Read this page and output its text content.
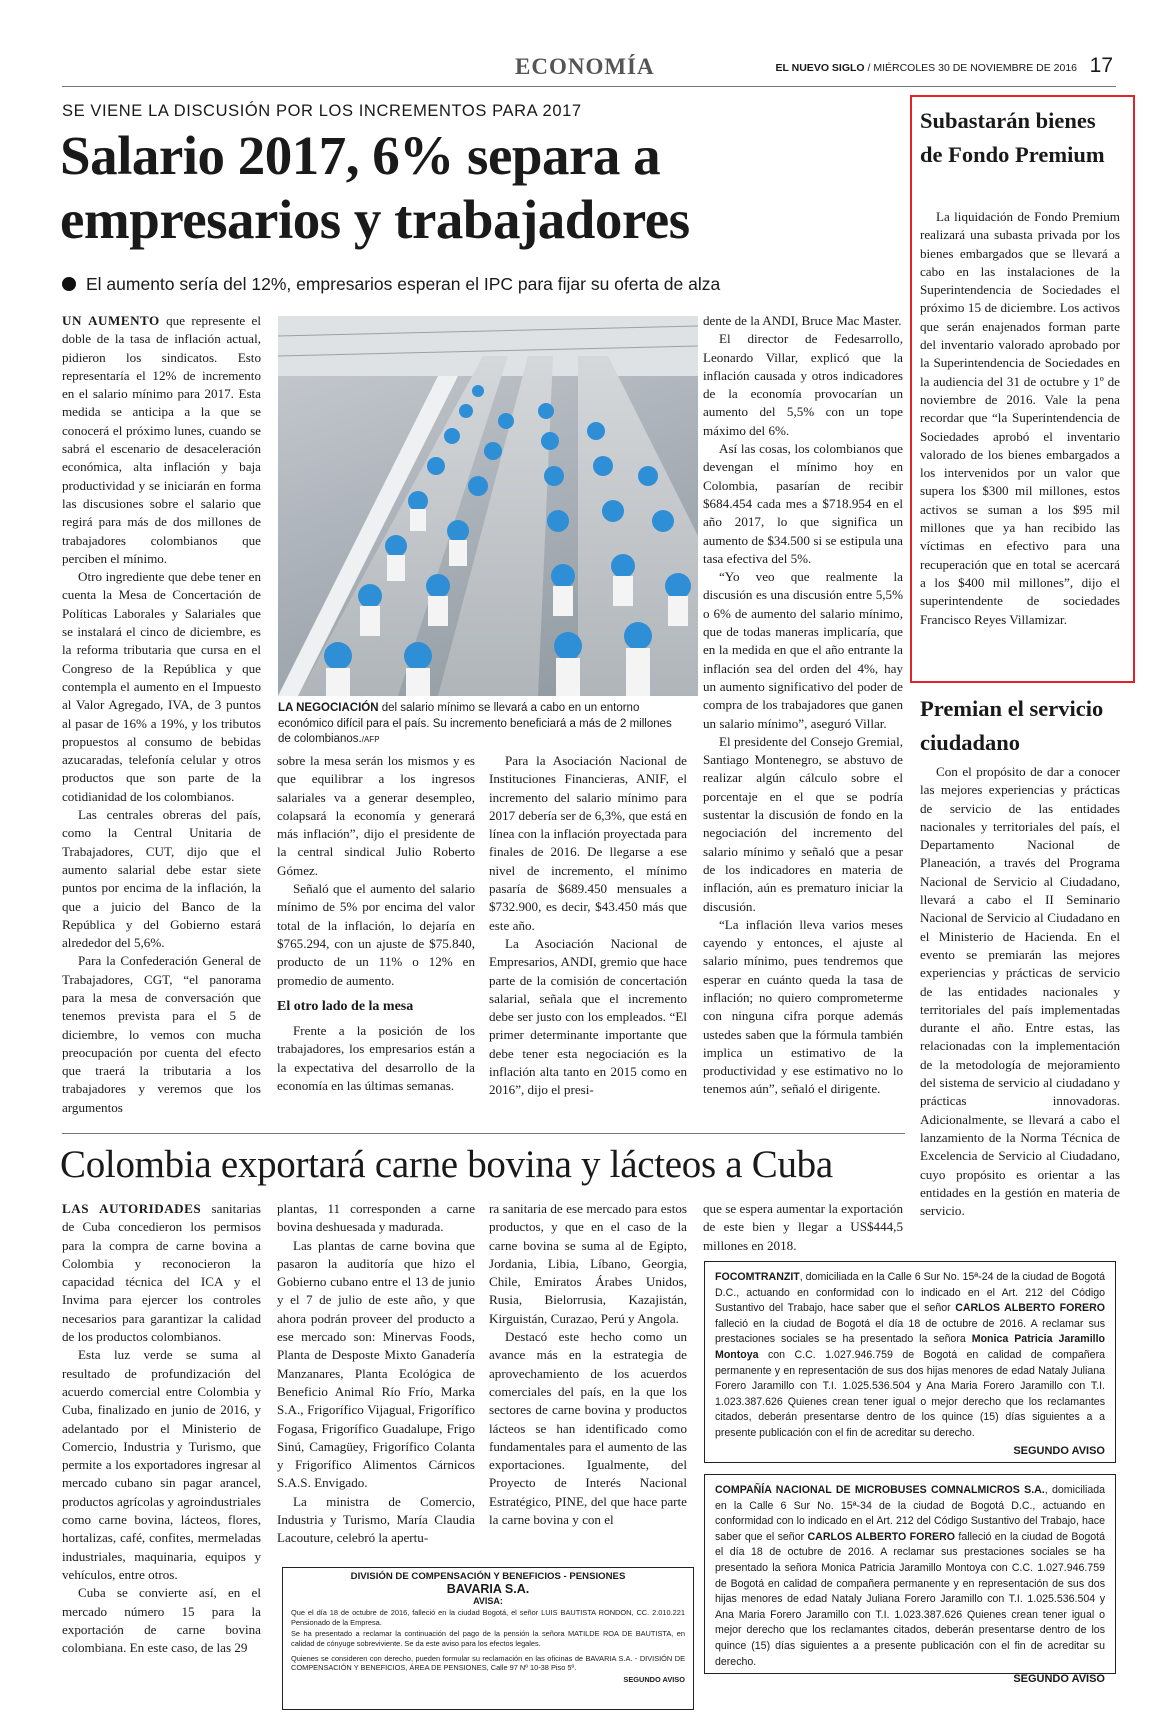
ECONOMÍA	EL NUEVO SIGLO / MIÉRCOLES 30 DE NOVIEMBRE DE 2016 17
SE VIENE LA DISCUSIÓN POR LOS INCREMENTOS PARA 2017
Salario 2017, 6% separa a
empresarios y trabajadores
El aumento sería del 12%, empresarios esperan el IPC para fijar su oferta de alza

UN AUMENTO que represente el doble de la tasa de inflación actual, pidieron los sindicatos. Esto representaría el 12% de incremento en el salario mínimo para 2017. Esta medida se anticipa a la que se conocerá el próximo lunes, cuando se sabrá el escenario de desaceleración económica, alta inflación y baja productividad y se iniciarán en forma las discusiones sobre el salario que regirá para más de dos millones de trabajadores colombianos que perciben el mínimo.

Otro ingrediente que debe tener en cuenta la Mesa de Concertación de Políticas Laborales y Salariales que se instalará el cinco de diciembre, es la reforma tributaria que cursa en el Congreso de la República y que contempla el aumento en el Impuesto al Valor Agregado, IVA, de 3 puntos al pasar de 16% a 19%, y los tributos propuestos al consumo de bebidas azucaradas, telefonía celular y otros productos que son parte de la cotidianidad de los colombianos.

Las centrales obreras del país, como la Central Unitaria de Trabajadores, CUT, dijo que el aumento salarial debe estar siete puntos por encima de la inflación, la que a juicio del Banco de la República y del Gobierno estará alrededor del 5,6%.

Para la Confederación General de Trabajadores, CGT, “el panorama para la mesa de conversación que tenemos prevista para el 5 de diciembre, lo vemos con mucha preocupación por cuenta del efecto que traerá la tributaria a los trabajadores y veremos que los argumentos

LA NEGOCIACIÓN del salario mínimo se llevará a cabo en un entorno económico difícil para el país. Su incremento beneficiará a más de 2 millones de colombianos./AFP

sobre la mesa serán los mismos y es que equilibrar a los ingresos salariales va a generar desempleo, colapsará la economía y generará más inflación”, dijo el presidente de la central sindical Julio Roberto Gómez.

Señaló que el aumento del salario mínimo de 5% por encima del valor total de la inflación, lo dejaría en $765.294, con un ajuste de $75.840, producto de un 11% o 12% en promedio de aumento.

El otro lado de la mesa

Frente a la posición de los trabajadores, los empresarios están a la expectativa del desarrollo de la economía en las últimas semanas.

Para la Asociación Nacional de Instituciones Financieras, ANIF, el incremento del salario mínimo para 2017 debería ser de 6,3%, que está en línea con la inflación proyectada para finales de 2016. De llegarse a ese nivel de incremento, el mínimo pasaría de $689.450 mensuales a $732.900, es decir, $43.450 más que este año.

La Asociación Nacional de Empresarios, ANDI, gremio que hace parte de la comisión de concertación salarial, señala que el incremento debe ser justo con los empleados. “El primer determinante importante que debe tener esta negociación es la inflación alta tanto en 2015 como en 2016”, dijo el presi-

dente de la ANDI, Bruce Mac Master.

El director de Fedesarrollo, Leonardo Villar, explicó que la inflación causada y otros indicadores de la economía provocarían un aumento del 5,5% con un tope máximo del 6%.

Así las cosas, los colombianos que devengan el mínimo hoy en Colombia, pasarían de recibir $684.454 cada mes a $718.954 en el año 2017, lo que significa un aumento de $34.500 si se estipula una tasa efectiva del 5%.

“Yo veo que realmente la discusión es una discusión entre 5,5% o 6% de aumento del salario mínimo, que de todas maneras implicaría, que en la medida en que el año entrante la inflación sea del orden del 4%, hay un aumento significativo del poder de compra de los trabajadores que ganen un salario mínimo”, aseguró Villar.

El presidente del Consejo Gremial, Santiago Montenegro, se abstuvo de realizar algún cálculo sobre el porcentaje en el que se podría sustentar la discusión de fondo en la negociación del incremento del salario mínimo y señaló que a pesar de los indicadores en materia de inflación, aún es prematuro iniciar la discusión.

“La inflación lleva varios meses cayendo y entonces, el ajuste al salario mínimo, pues tendremos que esperar en cuánto queda la tasa de inflación; no quiero comprometerme con ninguna cifra porque además ustedes saben que la fórmula también implica un estimativo de la productividad y ese estimativo no lo tenemos aún”, señaló el dirigente.

Subastarán bienes de Fondo Premium

La liquidación de Fondo Premium realizará una subasta privada por los bienes embargados que se llevará a cabo en las instalaciones de la Superintendencia de Sociedades el próximo 15 de diciembre. Los activos que serán enajenados forman parte del inventario valorado aprobado por la Superintendencia de Sociedades en la audiencia del 31 de octubre y 1º de noviembre de 2016. Vale la pena recordar que “la Superintendencia de Sociedades aprobó el inventario valorado de los bienes embargados a los intervenidos por un valor que supera los $300 mil millones, estos activos se suman a los $95 mil millones que ya han recibido las víctimas en efectivo para una recuperación que en total se acercará a los $400 mil millones”, dijo el superintendente de sociedades Francisco Reyes Villamizar.

Premian el servicio ciudadano

Con el propósito de dar a conocer las mejores experiencias y prácticas de servicio de las entidades nacionales y territoriales del país, el Departamento Nacional de Planeación, a través del Programa Nacional de Servicio al Ciudadano, llevará a cabo el II Seminario Nacional de Servicio al Ciudadano en el Ministerio de Hacienda. En el evento se premiarán las mejores experiencias y prácticas de servicio de las entidades nacionales y territoriales del país implementadas durante el año. Entre estas, las relacionadas con la implementación de la metodología de mejoramiento del sistema de servicio al ciudadano y prácticas innovadoras. Adicionalmente, se llevará a cabo el lanzamiento de la Norma Técnica de Excelencia de Servicio al Ciudadano, cuyo propósito es orientar a las entidades en la gestión en materia de servicio.

Colombia exportará carne bovina y lácteos a Cuba

LAS AUTORIDADES sanitarias de Cuba concedieron los permisos para la compra de carne bovina a Colombia y reconocieron la capacidad técnica del ICA y el Invima para ejercer los controles necesarios para garantizar la calidad de los productos colombianos.

Esta luz verde se suma al resultado de profundización del acuerdo comercial entre Colombia y Cuba, finalizado en junio de 2016, y adelantado por el Ministerio de Comercio, Industria y Turismo, que permite a los exportadores ingresar al mercado cubano sin pagar arancel, productos agrícolas y agroindustriales como carne bovina, lácteos, flores, hortalizas, café, confites, mermeladas industriales, maquinaria, equipos y vehículos, entre otros.

Cuba se convierte así, en el mercado número 15 para la exportación de carne bovina colombiana. En este caso, de las 29

plantas, 11 corresponden a carne bovina deshuesada y madurada.

Las plantas de carne bovina que pasaron la auditoría que hizo el Gobierno cubano entre el 13 de junio y el 7 de julio de este año, y que ahora podrán proveer del producto a ese mercado son: Minervas Foods, Planta de Desposte Mixto Ganadería Manzanares, Planta Ecológica de Beneficio Animal Río Frío, Marka S.A., Frigorífico Vijagual, Frigorífico Fogasa, Frigorífico Guadalupe, Frigo Sinú, Camagüey, Frigorífico Colanta y Frigorífico Alimentos Cárnicos S.A.S. Envigado.

La ministra de Comercio, Industria y Turismo, María Claudia Lacouture, celebró la apertu-

ra sanitaria de ese mercado para estos productos, y que en el caso de la carne bovina se suma al de Egipto, Jordania, Libia, Líbano, Georgia, Chile, Emiratos Árabes Unidos, Rusia, Bielorrusia, Kazajistán, Kirguistán, Curazao, Perú y Angola.

Destacó este hecho como un avance más en la estrategia de aprovechamiento de los acuerdos comerciales del país, en la que los sectores de carne bovina y productos lácteos se han identificado como fundamentales para el aumento de las exportaciones. Igualmente, del Proyecto de Interés Nacional Estratégico, PINE, del que hace parte la carne bovina y con el

que se espera aumentar la exportación de este bien y llegar a US$444,5 millones en 2018.

DIVISIÓN DE COMPENSACIÓN Y BENEFICIOS - PENSIONES
BAVARIA S.A.
AVISA:
Que el día 18 de octubre de 2016, falleció en la ciudad Bogotá, el señor LUIS BAUTISTA RONDON, CC. 2.010.221 Pensionado de la Empresa.
Se ha presentado a reclamar la continuación del pago de la pensión la señora MATILDE ROA DE BAUTISTA, en calidad de cónyuge sobreviviente. Se da este aviso para los efectos legales.
Quienes se consideren con derecho, pueden formular su reclamación en las oficinas de BAVARIA S.A. - DIVISIÓN DE COMPENSACIÓN Y BENEFICIOS, ÁREA DE PENSIONES, Calle 97 Nº 10-38 Piso 5º.
SEGUNDO AVISO
FOCOMTRANZIT, domiciliada en la Calle 6 Sur No. 15ª-24 de la ciudad de Bogotá D.C., actuando en conformidad con lo indicado en el Art. 212 del Código Sustantivo del Trabajo, hace saber que el señor CARLOS ALBERTO FORERO falleció en la ciudad de Bogotá el día 18 de octubre de 2016. A reclamar sus prestaciones sociales se ha presentado la señora Monica Patricia Jaramillo Montoya con C.C. 1.027.946.759 de Bogotá en calidad de compañera permanente y en representación de sus dos hijas menores de edad Nataly Juliana Forero Jaramillo con T.I. 1.025.536.504 y Ana Maria Forero Jaramillo con T.I. 1.023.387.626 Quienes crean tener igual o mejor derecho que los reclamantes citados, deberán presentarse dentro de los quince (15) días siguientes a a presente publicación con el fin de acreditar su derecho.
SEGUNDO AVISO
COMPAÑÍA NACIONAL DE MICROBUSES COMNALMICROS S.A., domiciliada en la Calle 6 Sur No. 15ª-34 de la ciudad de Bogotá D.C., actuando en conformidad con lo indicado en el Art. 212 del Código Sustantivo del Trabajo, hace saber que el señor CARLOS ALBERTO FORERO falleció en la ciudad de Bogotá el día 18 de octubre de 2016. A reclamar sus prestaciones sociales se ha presentado la señora Monica Patricia Jaramillo Montoya con C.C. 1.027.946.759 de Bogotá en calidad de compañera permanente y en representación de sus dos hijas menores de edad Nataly Juliana Forero Jaramillo con T.I. 1.025.536.504 y Ana Maria Forero Jaramillo con T.I. 1.023.387.626 Quienes crean tener igual o mejor derecho que los reclamantes citados, deberán presentarse dentro de los quince (15) días siguientes a a presente publicación con el fin de acreditar su derecho.
SEGUNDO AVISO
